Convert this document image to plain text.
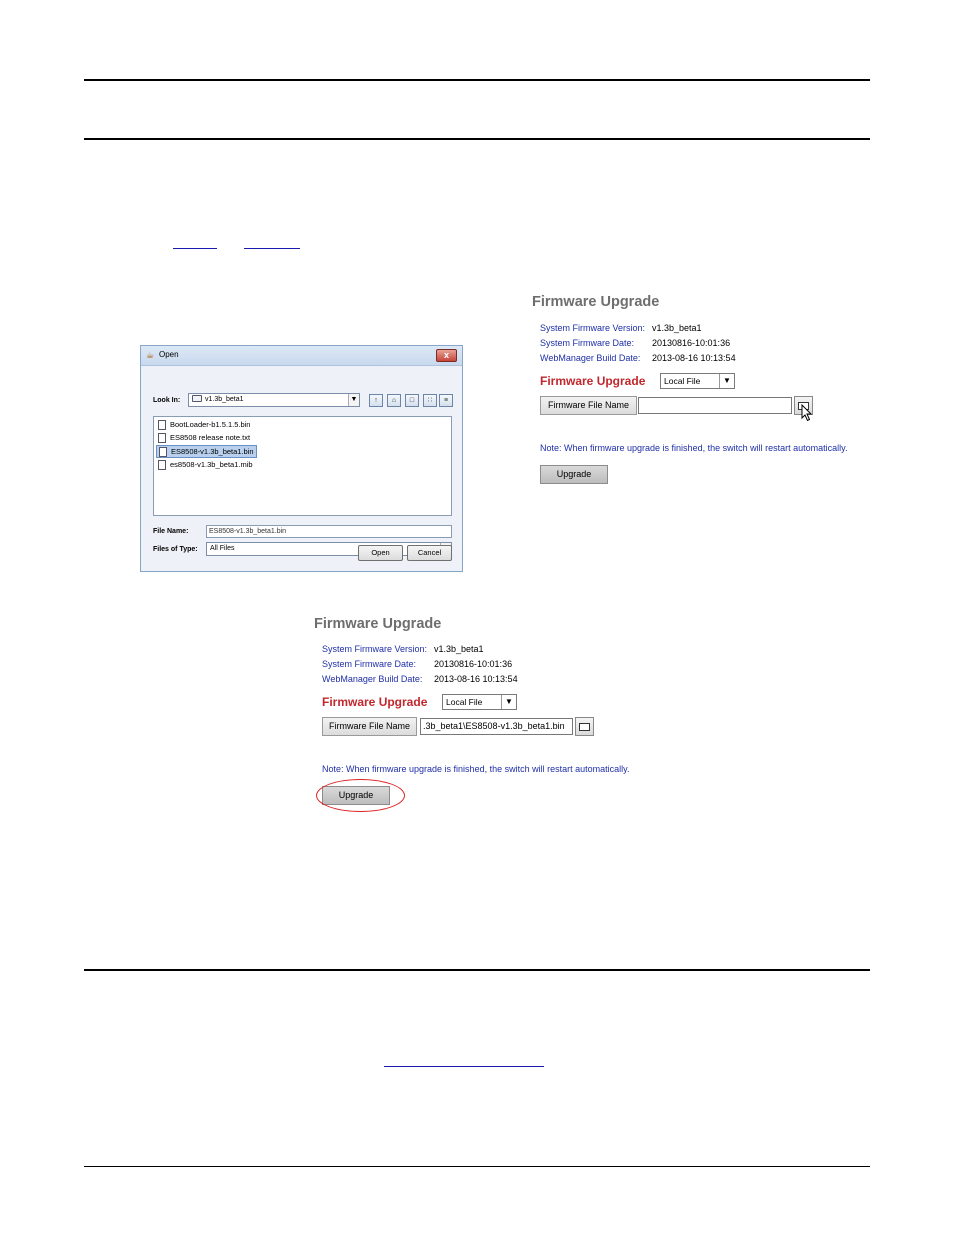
☕ Open	x
Look In:	v1.3b_beta1	▼	↑	⌂	□	∷	≡
BootLoader-b1.5.1.5.bin
ES8508 release note.txt
ES8508-v1.3b_beta1.bin
es8508-v1.3b_beta1.mib
File Name:	ES8508-v1.3b_beta1.bin
Files of Type:	All Files	Open	Cancel
Firmware Upgrade
System Firmware Version: v1.3b_beta1
System Firmware Date: 20130816-10:01:36
WebManager Build Date: 2013-08-16 10:13:54
Firmware Upgrade	Local File	▼
Firmware File Name
Note: When firmware upgrade is finished, the switch will restart automatically.
Upgrade
Firmware Upgrade
System Firmware Version: v1.3b_beta1
System Firmware Date: 20130816-10:01:36
WebManager Build Date: 2013-08-16 10:13:54
Firmware Upgrade	Local File	▼
Firmware File Name	.3b_beta1\ES8508-v1.3b_beta1.bin
Note: When firmware upgrade is finished, the switch will restart automatically.
Upgrade
